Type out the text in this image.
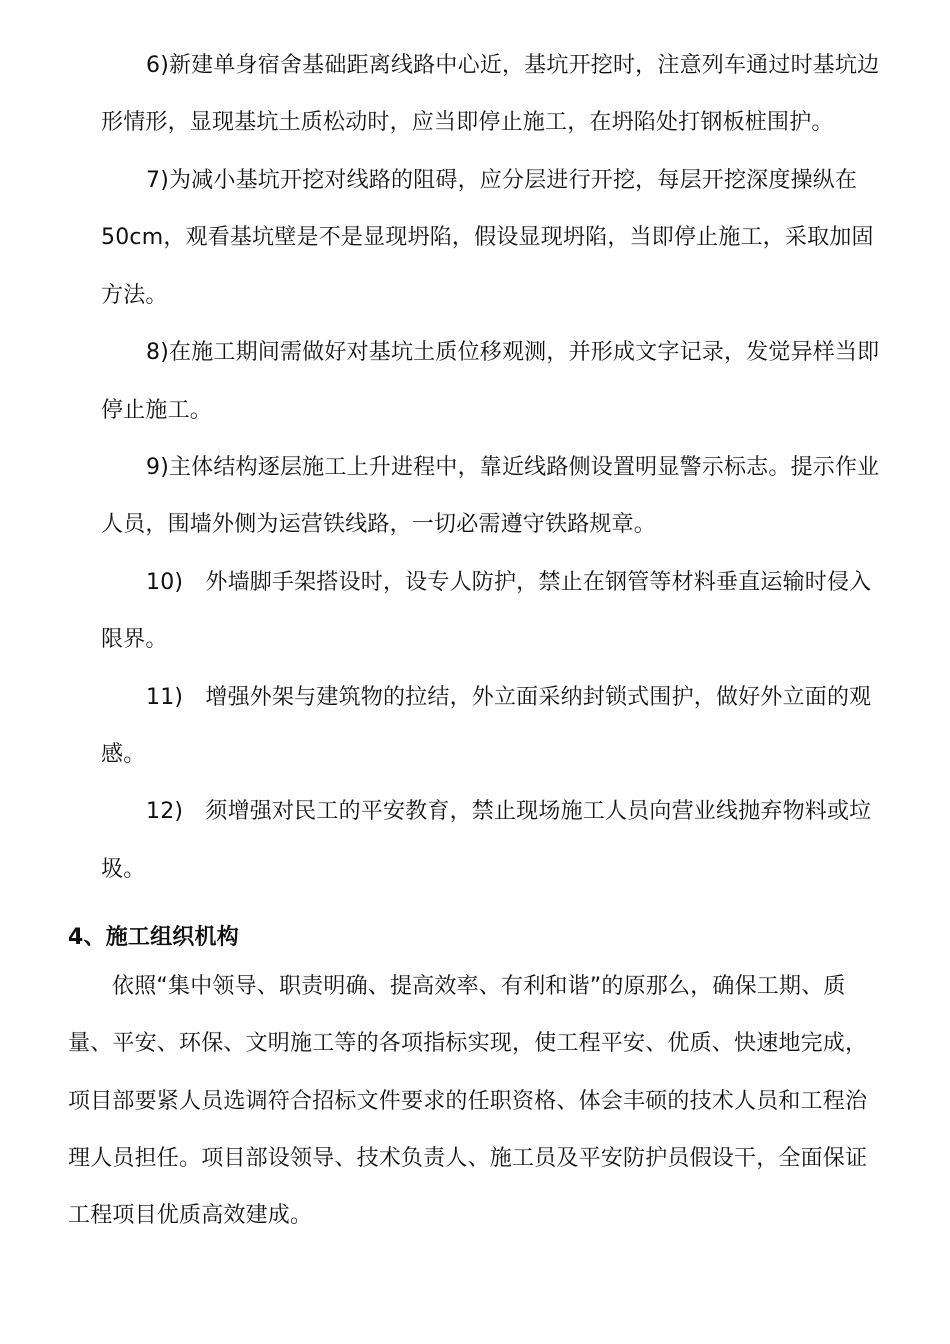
6)新建单身宿舍基础距离线路中心近，基坑开挖时，注意列车通过时基坑边
形情形，显现基坑土质松动时，应当即停止施工，在坍陷处打钢板桩围护。
7)为减小基坑开挖对线路的阻碍，应分层进行开挖，每层开挖深度操纵在
50cm，观看基坑壁是不是显现坍陷，假设显现坍陷，当即停止施工，采取加固
方法。
8)在施工期间需做好对基坑土质位移观测，并形成文字记录，发觉异样当即
停止施工。
9)主体结构逐层施工上升进程中，靠近线路侧设置明显警示标志。提示作业
人员，围墙外侧为运营铁线路，一切必需遵守铁路规章。
10)　外墙脚手架搭设时，设专人防护，禁止在钢管等材料垂直运输时侵入
限界。
11)　增强外架与建筑物的拉结，外立面采纳封锁式围护，做好外立面的观
感。
12)　须增强对民工的平安教育，禁止现场施工人员向营业线抛弃物料或垃
圾。
4、施工组织机构
依照“集中领导、职责明确、提高效率、有利和谐”的原那么，确保工期、质
量、平安、环保、文明施工等的各项指标实现，使工程平安、优质、快速地完成，
项目部要紧人员选调符合招标文件要求的任职资格、体会丰硕的技术人员和工程治
理人员担任。项目部设领导、技术负责人、施工员及平安防护员假设干，全面保证
工程项目优质高效建成。
